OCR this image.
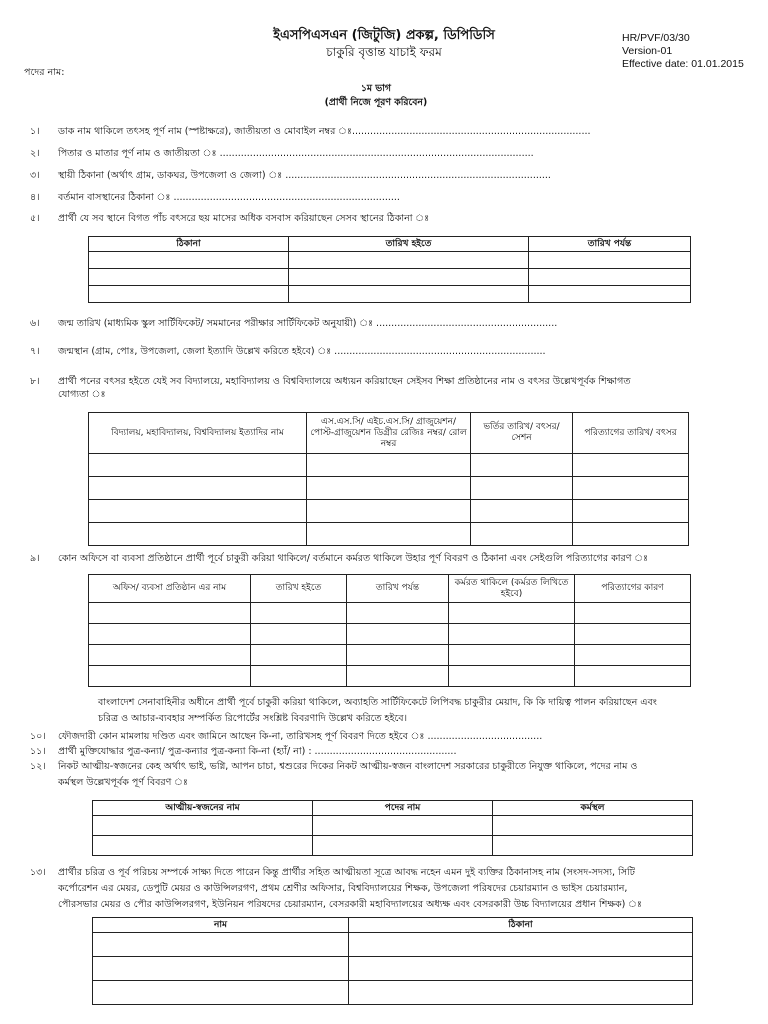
ইএসপিএসএন (জিটুজি) প্রকল্প, ডিপিডিসি
চাকুরি বৃত্তান্ত যাচাই ফরম
HR/PVF/03/30
Version-01
Effective date: 01.01.2015
পদের নাম:
১ম ভাগ
(প্রার্থী নিজে পূরণ করিবেন)
১। ডাক নাম থাকিলে তৎসহ পূর্ণ নাম (স্পষ্টাক্ষরে), জাতীয়তা ও মোবাইল নম্বর ঃ...............................................................................
২। পিতার ও মাতার পূর্ণ নাম ও জাতীয়তা ঃ ........................................................................................................
৩। স্থায়ী ঠিকানা (অর্থাৎ গ্রাম, ডাকঘর, উপজেলা ও জেলা) ঃ ........................................................................................
৪। বর্তমান বাসস্থানের ঠিকানা ঃ ...........................................................................
৫। প্রার্থী যে সব স্থানে বিগত পাঁচ বৎসরে ছয় মাসের অধিক বসবাস করিয়াছেন সেসব স্থানের ঠিকানা ঃ
ঠিকানা	তারিখ হইতে	তারিখ পর্যন্ত

৬। জন্ম তারিখ (মাধ্যমিক স্কুল সার্টিফিকেট/ সমমানের পরীক্ষার সার্টিফিকেট অনুযায়ী) ঃ ............................................................
৭। জন্মস্থান (গ্রাম, পোঃ, উপজেলা, জেলা ইত্যাদি উল্লেখ করিতে হইবে) ঃ ......................................................................
৮। প্রার্থী পনের বৎসর হইতে যেই সব বিদ্যালয়ে, মহাবিদ্যালয় ও বিশ্ববিদ্যালয়ে অধ্যয়ন করিয়াছেন সেইসব শিক্ষা প্রতিষ্ঠানের নাম ও বৎসর উল্লেখপূর্বক শিক্ষাগত
যোগ্যতা ঃ
বিদ্যালয়, মহাবিদ্যালয়, বিশ্ববিদ্যালয় ইত্যাদির নাম	এস.এস.সি/ এইচ.এস.সি/ গ্রাজুয়েশন/ পোস্ট-গ্রাজুয়েশন ডিগ্রীর রেজিঃ নম্বর/ রোল নম্বর	ভর্তির তারিখ/ বৎসর/ সেশন	পরিত্যাগের তারিখ/ বৎসর

৯। কোন অফিসে বা ব্যবসা প্রতিষ্ঠানে প্রার্থী পূর্বে চাকুরী করিয়া থাকিলে/ বর্তমানে কর্মরত থাকিলে উহার পূর্ণ বিবরণ ও ঠিকানা এবং সেইগুলি পরিত্যাগের কারণ ঃ
অফিস/ ব্যবসা প্রতিষ্ঠান এর নাম	তারিখ হইতে	তারিখ পর্যন্ত	কর্মরত থাকিলে (কর্মরত লিখিতে হইবে)	পরিত্যাগের কারণ

বাংলাদেশ সেনাবাহিনীর অধীনে প্রার্থী পূর্বে চাকুরী করিয়া থাকিলে, অব্যাহতি সার্টিফিকেটে লিপিবদ্ধ চাকুরীর মেয়াদ, কি কি দায়িত্ব পালন করিয়াছেন এবং
চরিত্র ও আচার-ব্যবহার সম্পর্কিত রিপোর্টের সংশ্লিষ্ট বিবরণাদি উল্লেখ করিতে হইবে।
১০। ফৌজদারী কোন মামলায় দণ্ডিত এবং জামিনে আছেন কি-না, তারিখসহ পূর্ণ বিবরণ দিতে হইবে ঃ ......................................
১১। প্রার্থী মুক্তিযোদ্ধার পুত্র-কন্যা/ পুত্র-কন্যার পুত্র-কন্যা কি-না (হ্যাঁ/ না) : ...............................................
১২। নিকট আত্মীয়-স্বজনের কেহ অর্থাৎ ভাই, ভগ্নি, আপন চাচা, শ্বশুরের দিকের নিকট আত্মীয়-স্বজন বাংলাদেশ সরকারের চাকুরীতে নিযুক্ত থাকিলে, পদের নাম ও
কর্মস্থল উল্লেখপূর্বক পূর্ণ বিবরণ ঃ
আত্মীয়-স্বজনের নাম	পদের নাম	কর্মস্থল

১৩। প্রার্থীর চরিত্র ও পূর্ব পরিচয় সম্পর্কে সাক্ষ্য দিতে পারেন কিন্তু প্রার্থীর সহিত আত্মীয়তা সূত্রে আবদ্ধ নহেন এমন দুই ব্যক্তির ঠিকানাসহ নাম (সংসদ-সদস্য, সিটি
কর্পোরেশন এর মেয়র, ডেপুটি মেয়র ও কাউন্সিলরগণ, প্রথম শ্রেণীর অফিসার, বিশ্ববিদ্যালয়ের শিক্ষক, উপজেলা পরিষদের চেয়ারম্যান ও ভাইস চেয়ারম্যান,
পৌরসভার মেয়র ও পৌর কাউন্সিলরগণ, ইউনিয়ন পরিষদের চেয়ারম্যান, বেসরকারী মহাবিদ্যালয়ের অধ্যক্ষ এবং বেসরকারী উচ্চ বিদ্যালয়ের প্রধান শিক্ষক) ঃ
নাম	ঠিকানা
